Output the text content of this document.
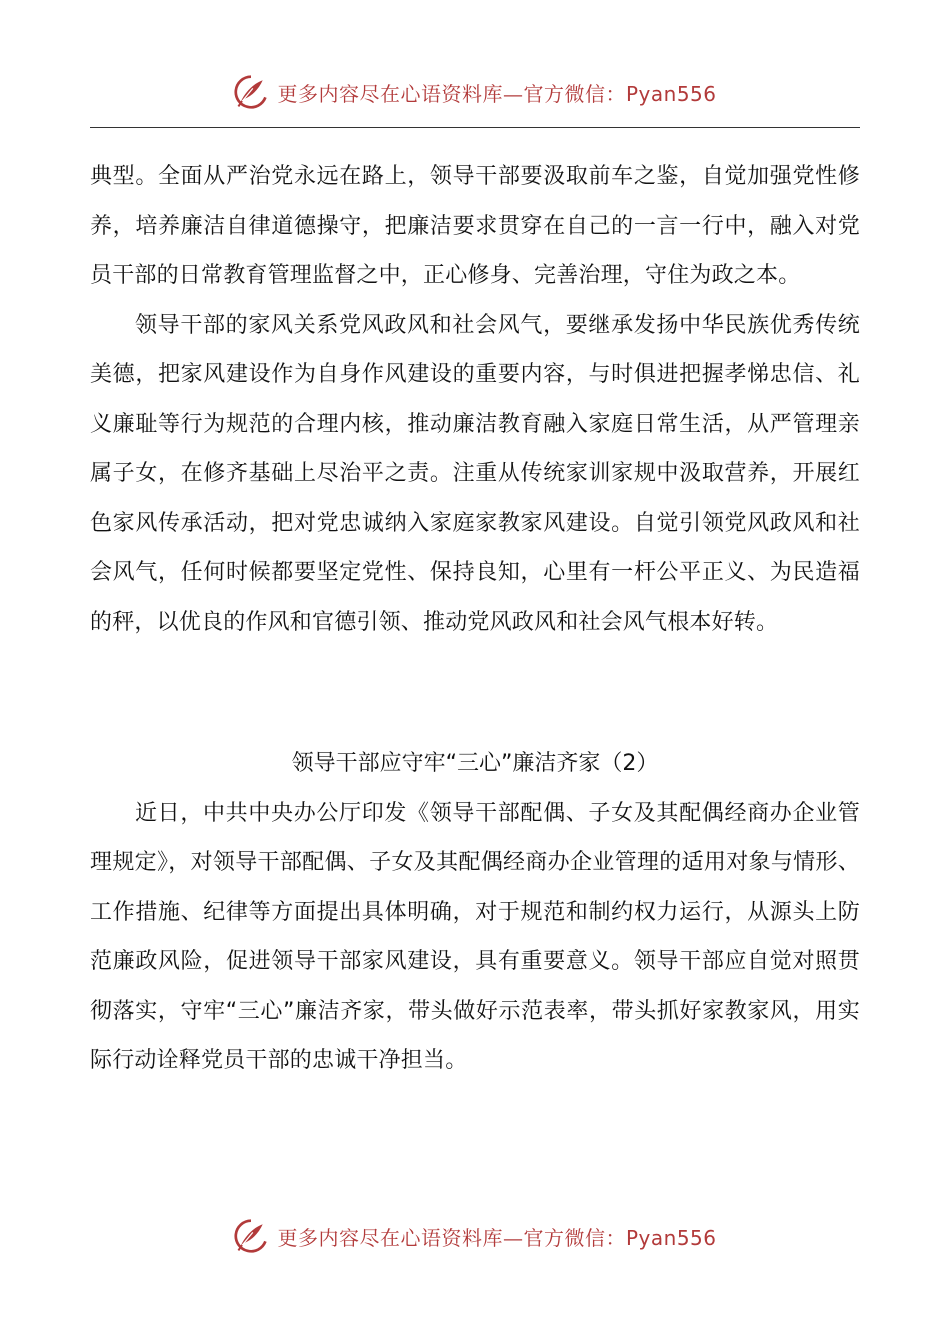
更多内容尽在心语资料库—官方微信：Pyan556

典型。全面从严治党永远在路上，领导干部要汲取前车之鉴，自觉加强党性修养，培养廉洁自律道德操守，把廉洁要求贯穿在自己的一言一行中，融入对党员干部的日常教育管理监督之中，正心修身、完善治理，守住为政之本。

领导干部的家风关系党风政风和社会风气，要继承发扬中华民族优秀传统美德，把家风建设作为自身作风建设的重要内容，与时俱进把握孝悌忠信、礼义廉耻等行为规范的合理内核，推动廉洁教育融入家庭日常生活，从严管理亲属子女，在修齐基础上尽治平之责。注重从传统家训家规中汲取营养，开展红色家风传承活动，把对党忠诚纳入家庭家教家风建设。自觉引领党风政风和社会风气，任何时候都要坚定党性、保持良知，心里有一杆公平正义、为民造福的秤，以优良的作风和官德引领、推动党风政风和社会风气根本好转。

领导干部应守牢“三心”廉洁齐家（2）

近日，中共中央办公厅印发《领导干部配偶、子女及其配偶经商办企业管理规定》，对领导干部配偶、子女及其配偶经商办企业管理的适用对象与情形、工作措施、纪律等方面提出具体明确，对于规范和制约权力运行，从源头上防范廉政风险，促进领导干部家风建设，具有重要意义。领导干部应自觉对照贯彻落实，守牢“三心”廉洁齐家，带头做好示范表率，带头抓好家教家风，用实际行动诠释党员干部的忠诚干净担当。

更多内容尽在心语资料库—官方微信：Pyan556
